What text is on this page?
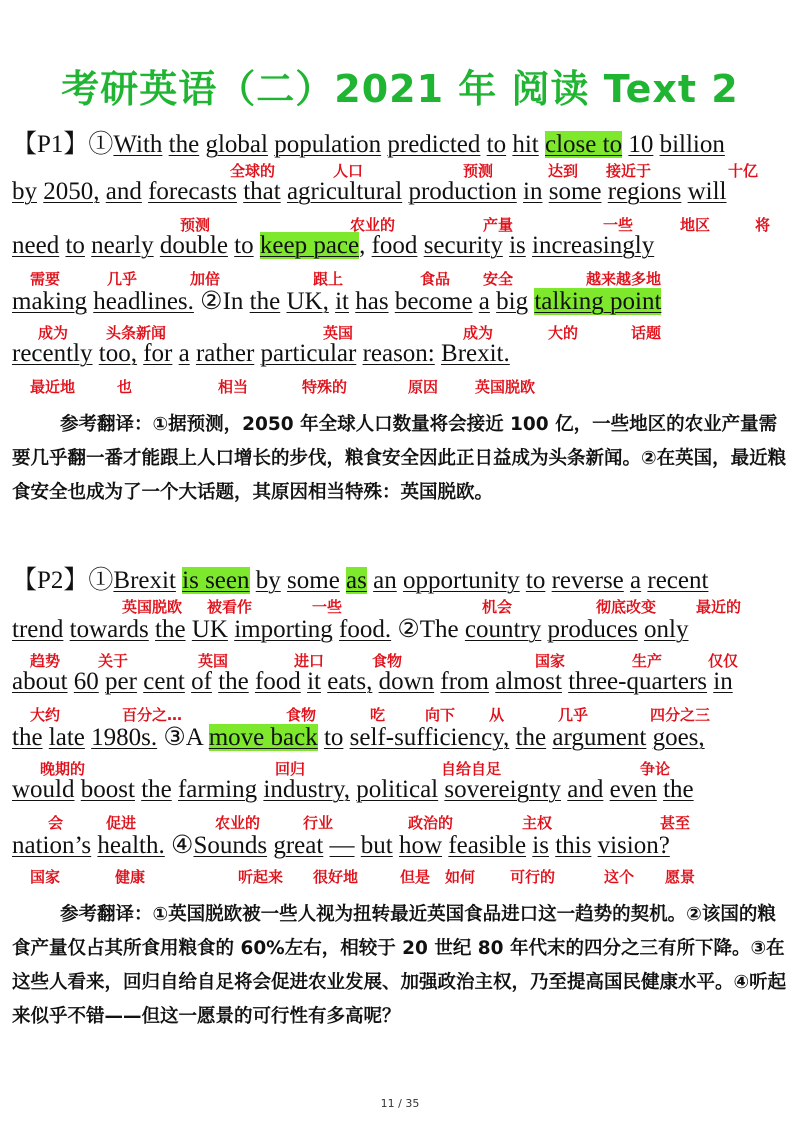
考研英语（二）2021 年 阅读 Text 2
【P1】①With the global population predicted to hit close to 10 billion
by 2050, and forecasts that agricultural production in some regions will
need to nearly double to keep pace, food security is increasingly
making headlines. ②In the UK, it has become a big talking point
recently too, for a rather particular reason: Brexit.
全球的	人口	预测	达到 接近于	十亿
预测	农业的	产量	一些	地区	将
需要	几乎	加倍	跟上	食品 安全	越来越多地
成为	头条新闻	英国	成为	大的	话题
最近地	也	相当	特殊的	原因 英国脱欧
参考翻译：①据预测，2050 年全球人口数量将会接近 100 亿，一些地区的农业产量需要几乎翻一番才能跟上人口增长的步伐，粮食安全因此正日益成为头条新闻。②在英国，最近粮食安全也成为了一个大话题，其原因相当特殊：英国脱欧。
【P2】①Brexit is seen by some as an opportunity to reverse a recent
trend towards the UK importing food. ②The country produces only
about 60 per cent of the food it eats, down from almost three-quarters in
the late 1980s. ③A move back to self-sufficiency, the argument goes,
would boost the farming industry, political sovereignty and even the
nation’s health. ④Sounds great — but how feasible is this vision?
英国脱欧 被看作	一些	机会	彻底改变	最近的
趋势	关于	英国	进口	食物	国家	生产	仅仅
大约	百分之…	食物	吃	向下 从	几乎	四分之三
晚期的	回归	自给自足	争论
会	促进	农业的	行业	政治的	主权	甚至
国家	健康	听起来 很好地	但是 如何 可行的	这个 愿景
参考翻译：①英国脱欧被一些人视为扭转最近英国食品进口这一趋势的契机。②该国的粮食产量仅占其所食用粮食的 60%左右，相较于 20 世纪 80 年代末的四分之三有所下降。③在这些人看来，回归自给自足将会促进农业发展、加强政治主权，乃至提高国民健康水平。④听起来似乎不错——但这一愿景的可行性有多高呢？
11 / 35
